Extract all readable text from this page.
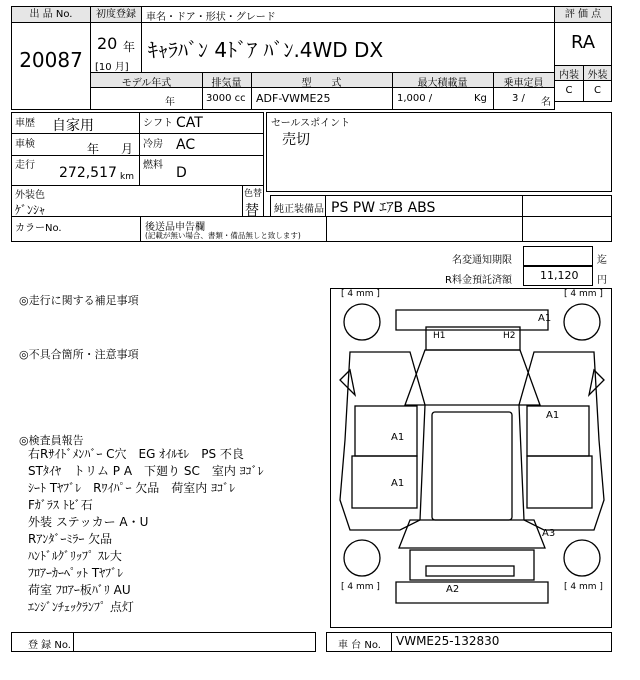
出 品 No.
20087
初度登録	車名・ドア・形状・グレード
20 年
[10 月]
ｷｬﾗﾊﾞﾝ 4ﾄﾞｱ ﾊﾞﾝ.4WD DX
モデル年式	排気量	型　　式	最大積載量	乗車定員
年	3000 cc ADF-VWME25	1,000 /	Kg	3 / 名
評 価 点
RA
内装 外装
C	C
車歴 自家用
車検	年 月
走行 272,517 km
シフト CAT
冷房 AC
燃料 D
セールスポイント
売切
外装色
ｹﾞﾝｼｬ
色替
替 純正装備品 PS PW ｴｱB ABS
カラーNo.	後送品申告欄
(記載が無い場合、書類・備品無しと致します)
名変通知期限	迄
R料金預託済額	11,120 円
◎走行に関する補足事項
◎不具合箇所・注意事項
◎検査員報告
右Rｻｲﾄﾞﾒﾝﾊﾞｰ C穴　EG ｵｲﾙﾓﾚ　PS 不良
STﾀｲﾔ　トリム P A　下廻り SC　室内 ﾖｺﾞﾚ
ｼｰﾄ Tﾔﾌﾞﾚ　Rﾜｲﾊﾟｰ 欠品　荷室内 ﾖｺﾞﾚ
Fｶﾞﾗｽ ﾄﾋﾞ石
外装 ステッカー A・U
Rｱﾝﾀﾞｰﾐﾗｰ 欠品
ﾊﾝﾄﾞﾙｸﾞﾘｯﾌﾟ ｽﾚ大
ﾌﾛｱｰｶｰﾍﾟｯﾄ Tﾔﾌﾞﾚ
荷室 ﾌﾛｱｰ板ﾊﾞﾘ AU
ｴﾝｼﾞﾝﾁｪｯｸﾗﾝﾌﾟ 点灯
[ 4 mm ]	[ 4 mm ]
[ 4 mm ]	[ 4 mm ]
A1
H1	H2
A1
A1
A1
A3
A2
登 録 No.	車 台 No. VWME25-132830
